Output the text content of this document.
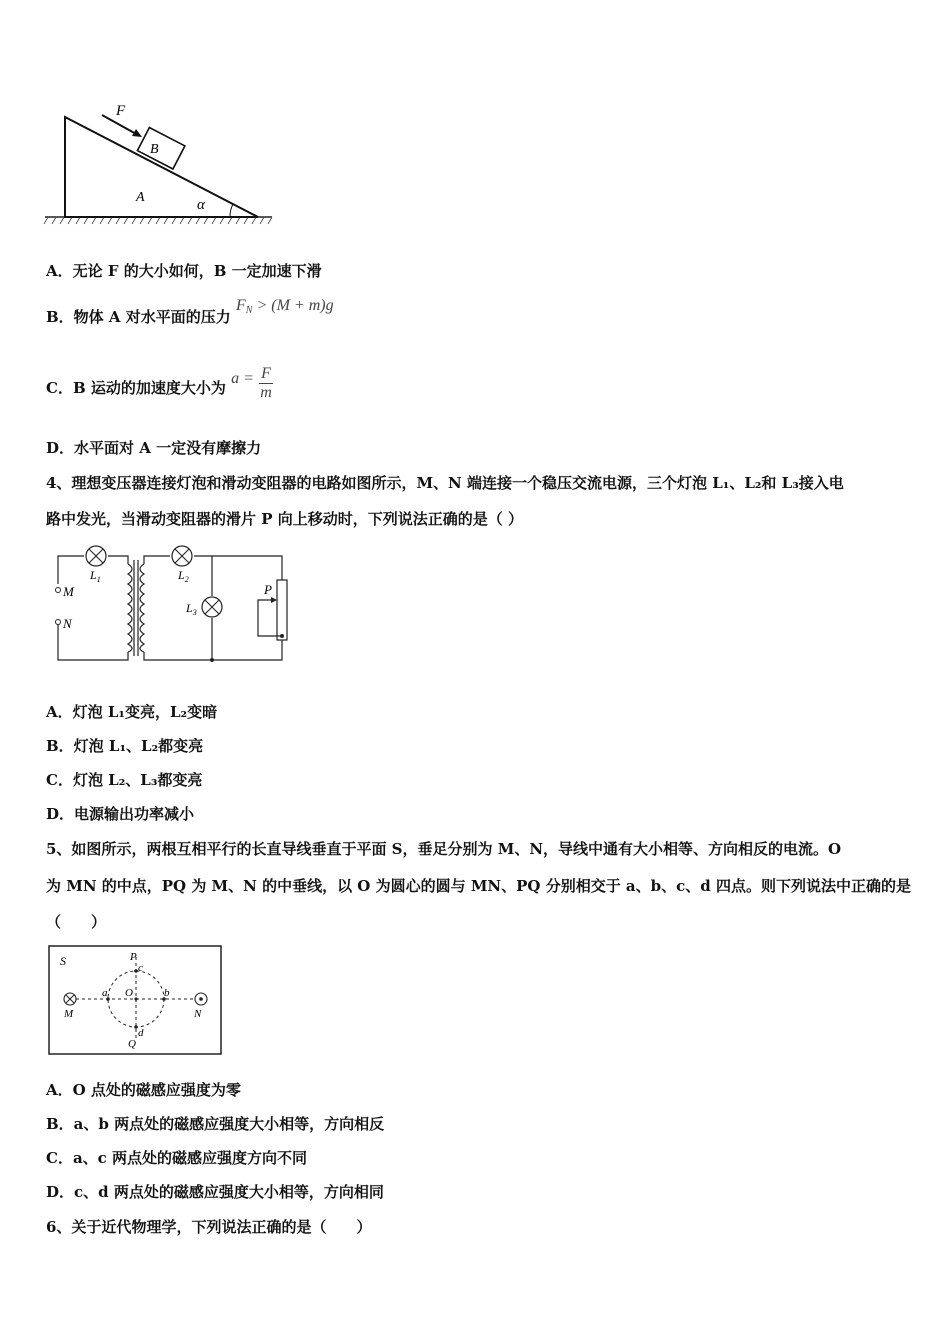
F
B
A	α
A．无论 F 的大小如何，B 一定加速下滑
B．物体 A 对水平面的压力 $F_N > (M + m)g$
C．B 运动的加速度大小为 $a = \frac{F}{m}$
D．水平面对 A 一定没有摩擦力
4、理想变压器连接灯泡和滑动变阻器的电路如图所示，M、N 端连接一个稳压交流电源，三个灯泡 L₁、L₂和 L₃接入电
路中发光，当滑动变阻器的滑片 P 向上移动时，下列说法正确的是（ ）
M
N
$L_1$	$L_2$
$L_3$
P
A．灯泡 L₁变亮，L₂变暗
B．灯泡 L₁、L₂都变亮
C．灯泡 L₂、L₃都变亮
D．电源输出功率减小
5、如图所示，两根互相平行的长直导线垂直于平面 S，垂足分别为 M、N，导线中通有大小相等、方向相反的电流。O
为 MN 的中点，PQ 为 M、N 的中垂线，以 O 为圆心的圆与 MN、PQ 分别相交于 a、b、c、d 四点。则下列说法中正确的是
（　　）
S	P
c
a O	b
M	N
d
Q
A．O 点处的磁感应强度为零
B．a、b 两点处的磁感应强度大小相等，方向相反
C．a、c 两点处的磁感应强度方向不同
D．c、d 两点处的磁感应强度大小相等，方向相同
6、关于近代物理学，下列说法正确的是（　　）
